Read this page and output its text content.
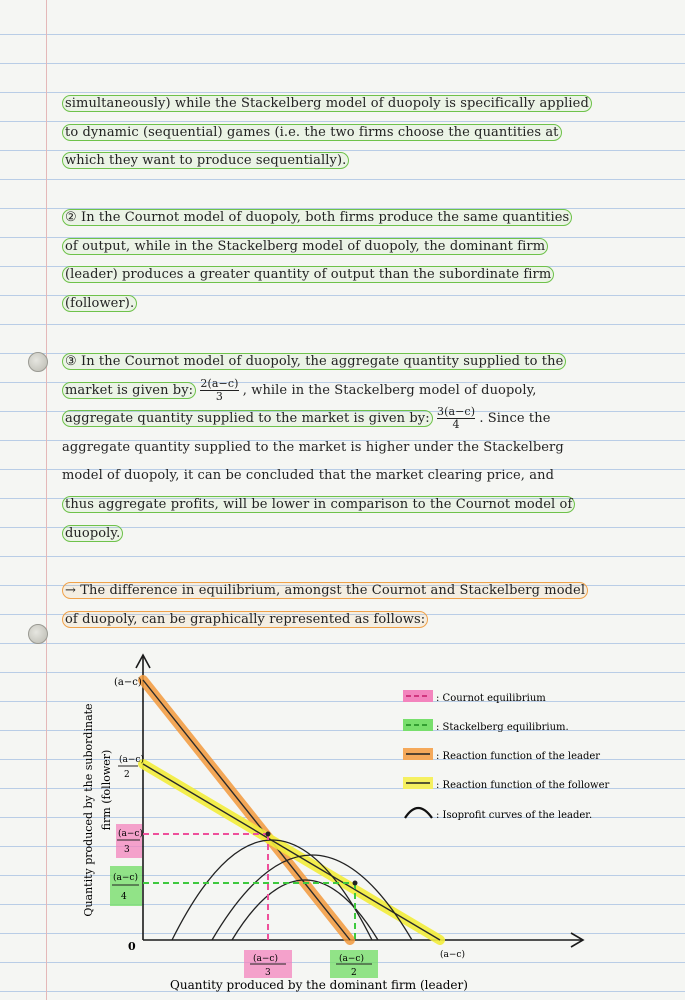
simultaneously) while the Stackelberg model of duopoly is specifically applied
to dynamic (sequential) games (i.e. the two firms choose the quantities at
which they want to produce sequentially).
② In the Cournot model of duopoly, both firms produce the same quantities
of output, while in the Stackelberg model of duopoly, the dominant firm
(leader) produces a greater quantity of output than the subordinate firm
(follower).
③ In the Cournot model of duopoly, the aggregate quantity supplied to the
market is given by: $\frac{2(a-c)}{3}$ , while in the Stackelberg model of duopoly,
aggregate quantity supplied to the market is given by: $\frac{3(a-c)}{4}$ . Since the
aggregate quantity supplied to the market is higher under the Stackelberg
model of duopoly, it can be concluded that the market clearing price, and
thus aggregate profits, will be lower in comparison to the Cournot model of
duopoly.
→ The difference in equilibrium, amongst the Cournot and Stackelberg model
of duopoly, can be graphically represented as follows:
(a−c)
(a−c)
2
(a−c)
3
(a−c)
4
0
(a−c)
3
(a−c)
2
(a−c)
Quantity produced by the subordinate firm (follower)
Quantity produced by the dominant firm (leader)
: Cournot equilibrium
: Stackelberg equilibrium.
: Reaction function of the leader
: Reaction function of the follower
: Isoprofit curves of the leader.
